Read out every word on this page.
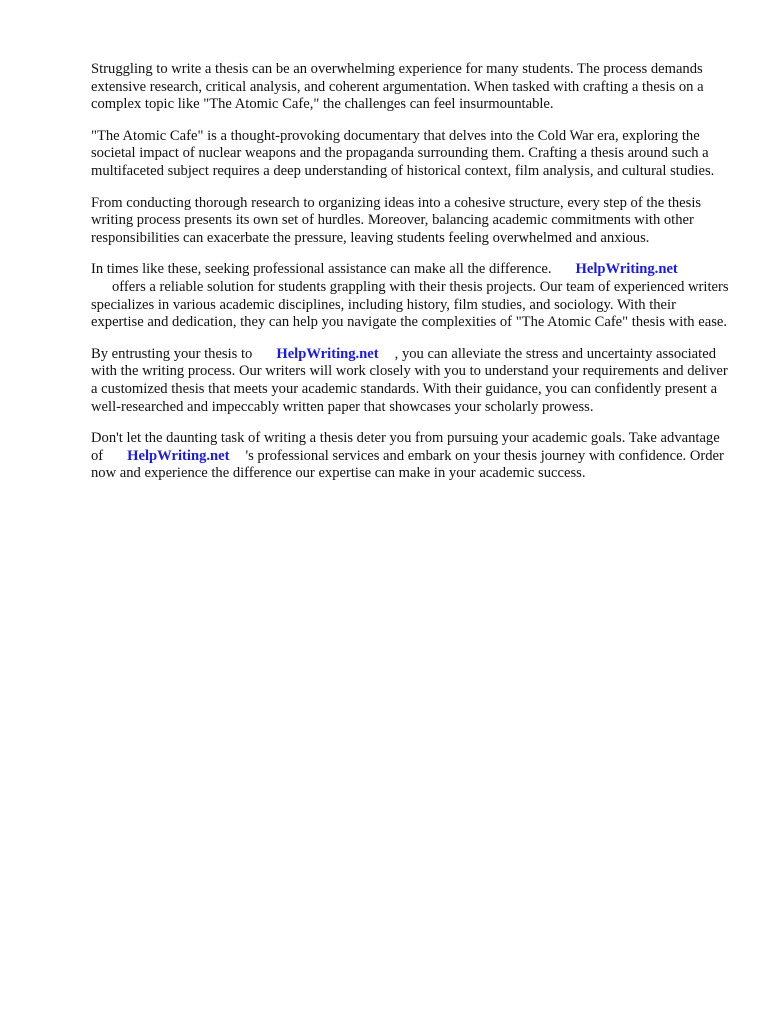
Struggling to write a thesis can be an overwhelming experience for many students. The process demands extensive research, critical analysis, and coherent argumentation. When tasked with crafting a thesis on a complex topic like "The Atomic Cafe," the challenges can feel insurmountable.

"The Atomic Cafe" is a thought-provoking documentary that delves into the Cold War era, exploring the societal impact of nuclear weapons and the propaganda surrounding them. Crafting a thesis around such a multifaceted subject requires a deep understanding of historical context, film analysis, and cultural studies.

From conducting thorough research to organizing ideas into a cohesive structure, every step of the thesis writing process presents its own set of hurdles. Moreover, balancing academic commitments with other responsibilities can exacerbate the pressure, leaving students feeling overwhelmed and anxious.

In times like these, seeking professional assistance can make all the difference. HelpWriting.net
offers a reliable solution for students grappling with their thesis projects. Our team of experienced writers specializes in various academic disciplines, including history, film studies, and sociology. With their expertise and dedication, they can help you navigate the complexities of "The Atomic Cafe" thesis with ease.

By entrusting your thesis to HelpWriting.net , you can alleviate the stress and uncertainty associated with the writing process. Our writers will work closely with you to understand your requirements and deliver a customized thesis that meets your academic standards. With their guidance, you can confidently present a well-researched and impeccably written paper that showcases your scholarly prowess.

Don't let the daunting task of writing a thesis deter you from pursuing your academic goals. Take advantage of HelpWriting.net 's professional services and embark on your thesis journey with confidence. Order now and experience the difference our expertise can make in your academic success.
